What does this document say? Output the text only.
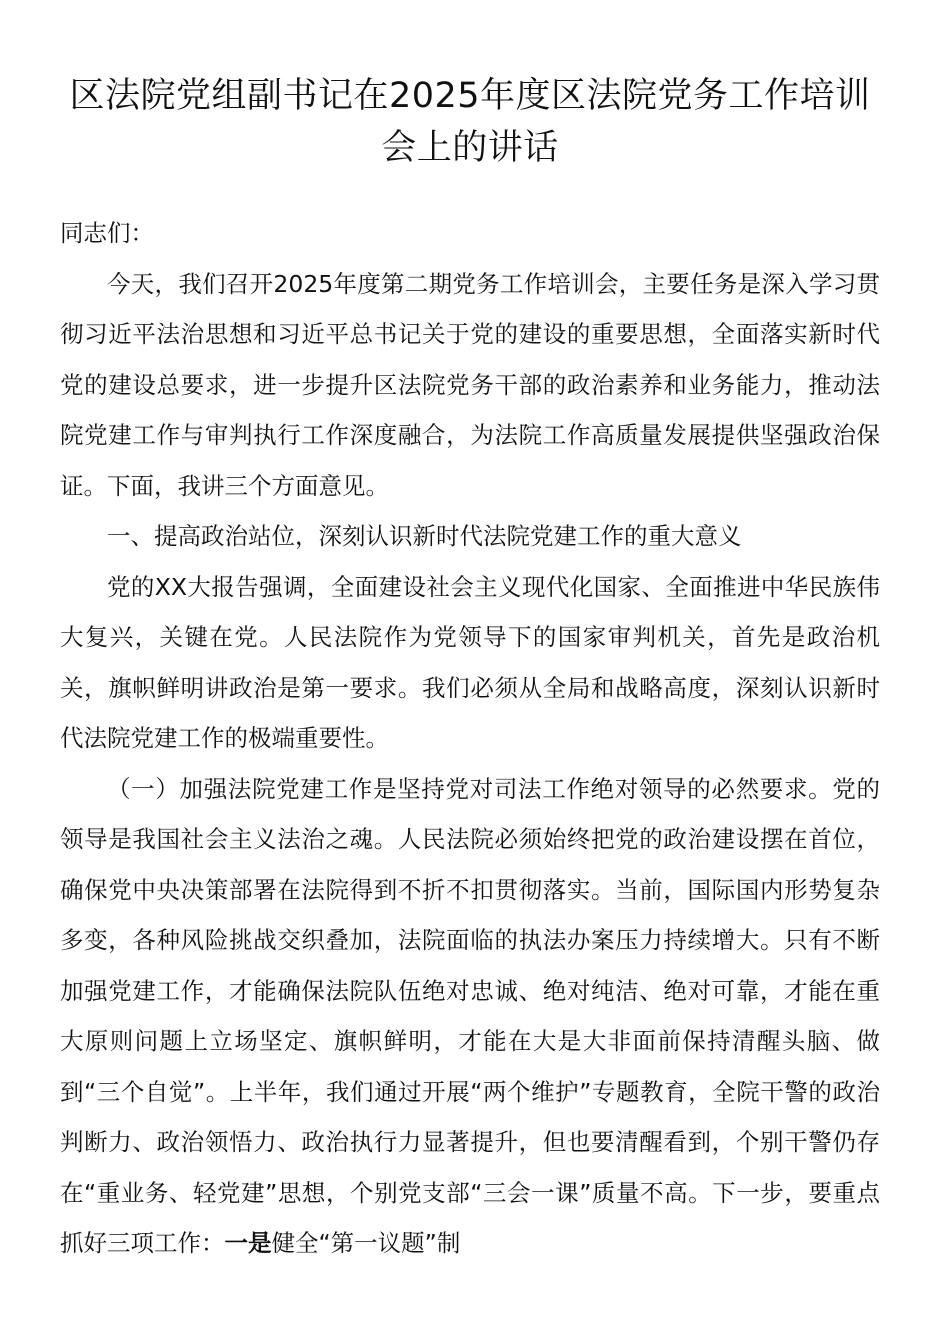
区法院党组副书记在2025年度区法院党务工作培训
会上的讲话

同志们：

今天，我们召开2025年度第二期党务工作培训会，主要任务是深入学习贯彻习近平法治思想和习近平总书记关于党的建设的重要思想，全面落实新时代党的建设总要求，进一步提升区法院党务干部的政治素养和业务能力，推动法院党建工作与审判执行工作深度融合，为法院工作高质量发展提供坚强政治保证。下面，我讲三个方面意见。

一、提高政治站位，深刻认识新时代法院党建工作的重大意义

党的XX大报告强调，全面建设社会主义现代化国家、全面推进中华民族伟大复兴，关键在党。人民法院作为党领导下的国家审判机关，首先是政治机关，旗帜鲜明讲政治是第一要求。我们必须从全局和战略高度，深刻认识新时代法院党建工作的极端重要性。

（一）加强法院党建工作是坚持党对司法工作绝对领导的必然要求。党的领导是我国社会主义法治之魂。人民法院必须始终把党的政治建设摆在首位，确保党中央决策部署在法院得到不折不扣贯彻落实。当前，国际国内形势复杂多变，各种风险挑战交织叠加，法院面临的执法办案压力持续增大。只有不断加强党建工作，才能确保法院队伍绝对忠诚、绝对纯洁、绝对可靠，才能在重大原则问题上立场坚定、旗帜鲜明，才能在大是大非面前保持清醒头脑、做到“三个自觉”。上半年，我们通过开展“两个维护”专题教育，全院干警的政治判断力、政治领悟力、政治执行力显著提升，但也要清醒看到，个别干警仍存在“重业务、轻党建”思想，个别党支部“三会一课”质量不高。下一步，要重点抓好三项工作：一是健全“第一议题”制
